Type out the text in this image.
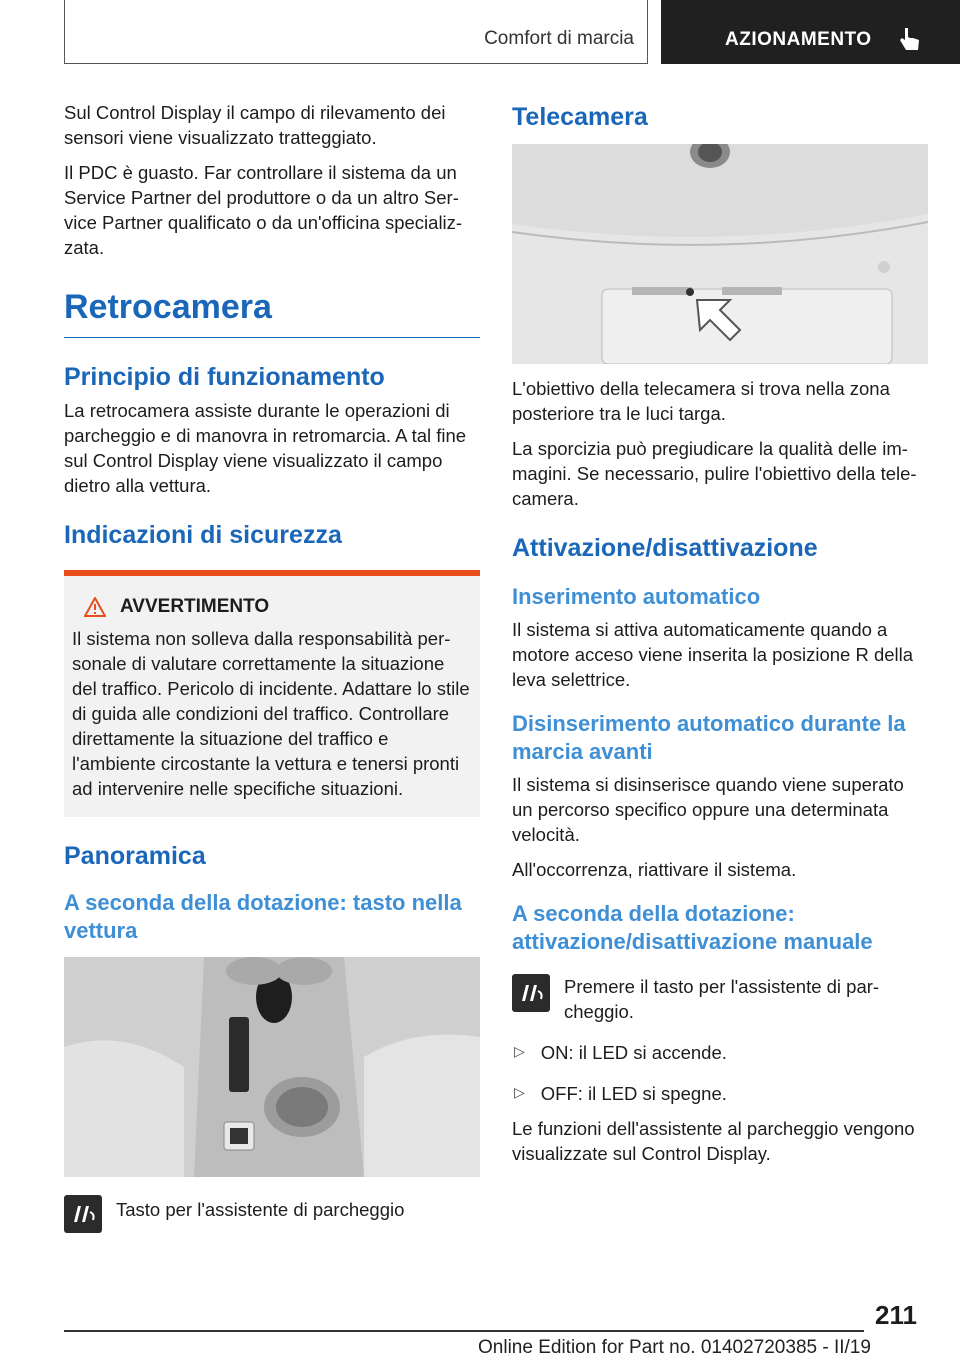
Comfort di marcia	AZIONAMENTO

Sul Control Display il campo di rilevamento dei sensori viene visualizzato tratteggiato.

Il PDC è guasto. Far controllare il sistema da un Service Partner del produttore o da un altro Service Partner qualificato o da un'officina specializzata.

Retrocamera
Principio di funzionamento

La retrocamera assiste durante le operazioni di parcheggio e di manovra in retromarcia. A tal fine sul Control Display viene visualizzato il campo dietro alla vettura.

Indicazioni di sicurezza
AVVERTIMENTO

Il sistema non solleva dalla responsabilità personale di valutare correttamente la situazione del traffico. Pericolo di incidente. Adattare lo stile di guida alle condizioni del traffico. Controllare direttamente la situazione del traffico e l'ambiente circostante la vettura e tenersi pronti ad intervenire nelle specifiche situazioni.

Panoramica
A seconda della dotazione: tasto nella vettura

Tasto per l'assistente di parcheggio

Telecamera

L'obiettivo della telecamera si trova nella zona posteriore tra le luci targa.

La sporcizia può pregiudicare la qualità delle immagini. Se necessario, pulire l'obiettivo della telecamera.

Attivazione/disattivazione
Inserimento automatico

Il sistema si attiva automaticamente quando a motore acceso viene inserita la posizione R della leva selettrice.

Disinserimento automatico durante la marcia avanti

Il sistema si disinserisce quando viene superato un percorso specifico oppure una determinata velocità.

All'occorrenza, riattivare il sistema.

A seconda della dotazione: attivazione/disattivazione manuale

Premere il tasto per l'assistente di parcheggio.

▷ ON: il LED si accende.

▷ OFF: il LED si spegne.

Le funzioni dell'assistente al parcheggio vengono visualizzate sul Control Display.

211
Online Edition for Part no. 01402720385 - II/19
